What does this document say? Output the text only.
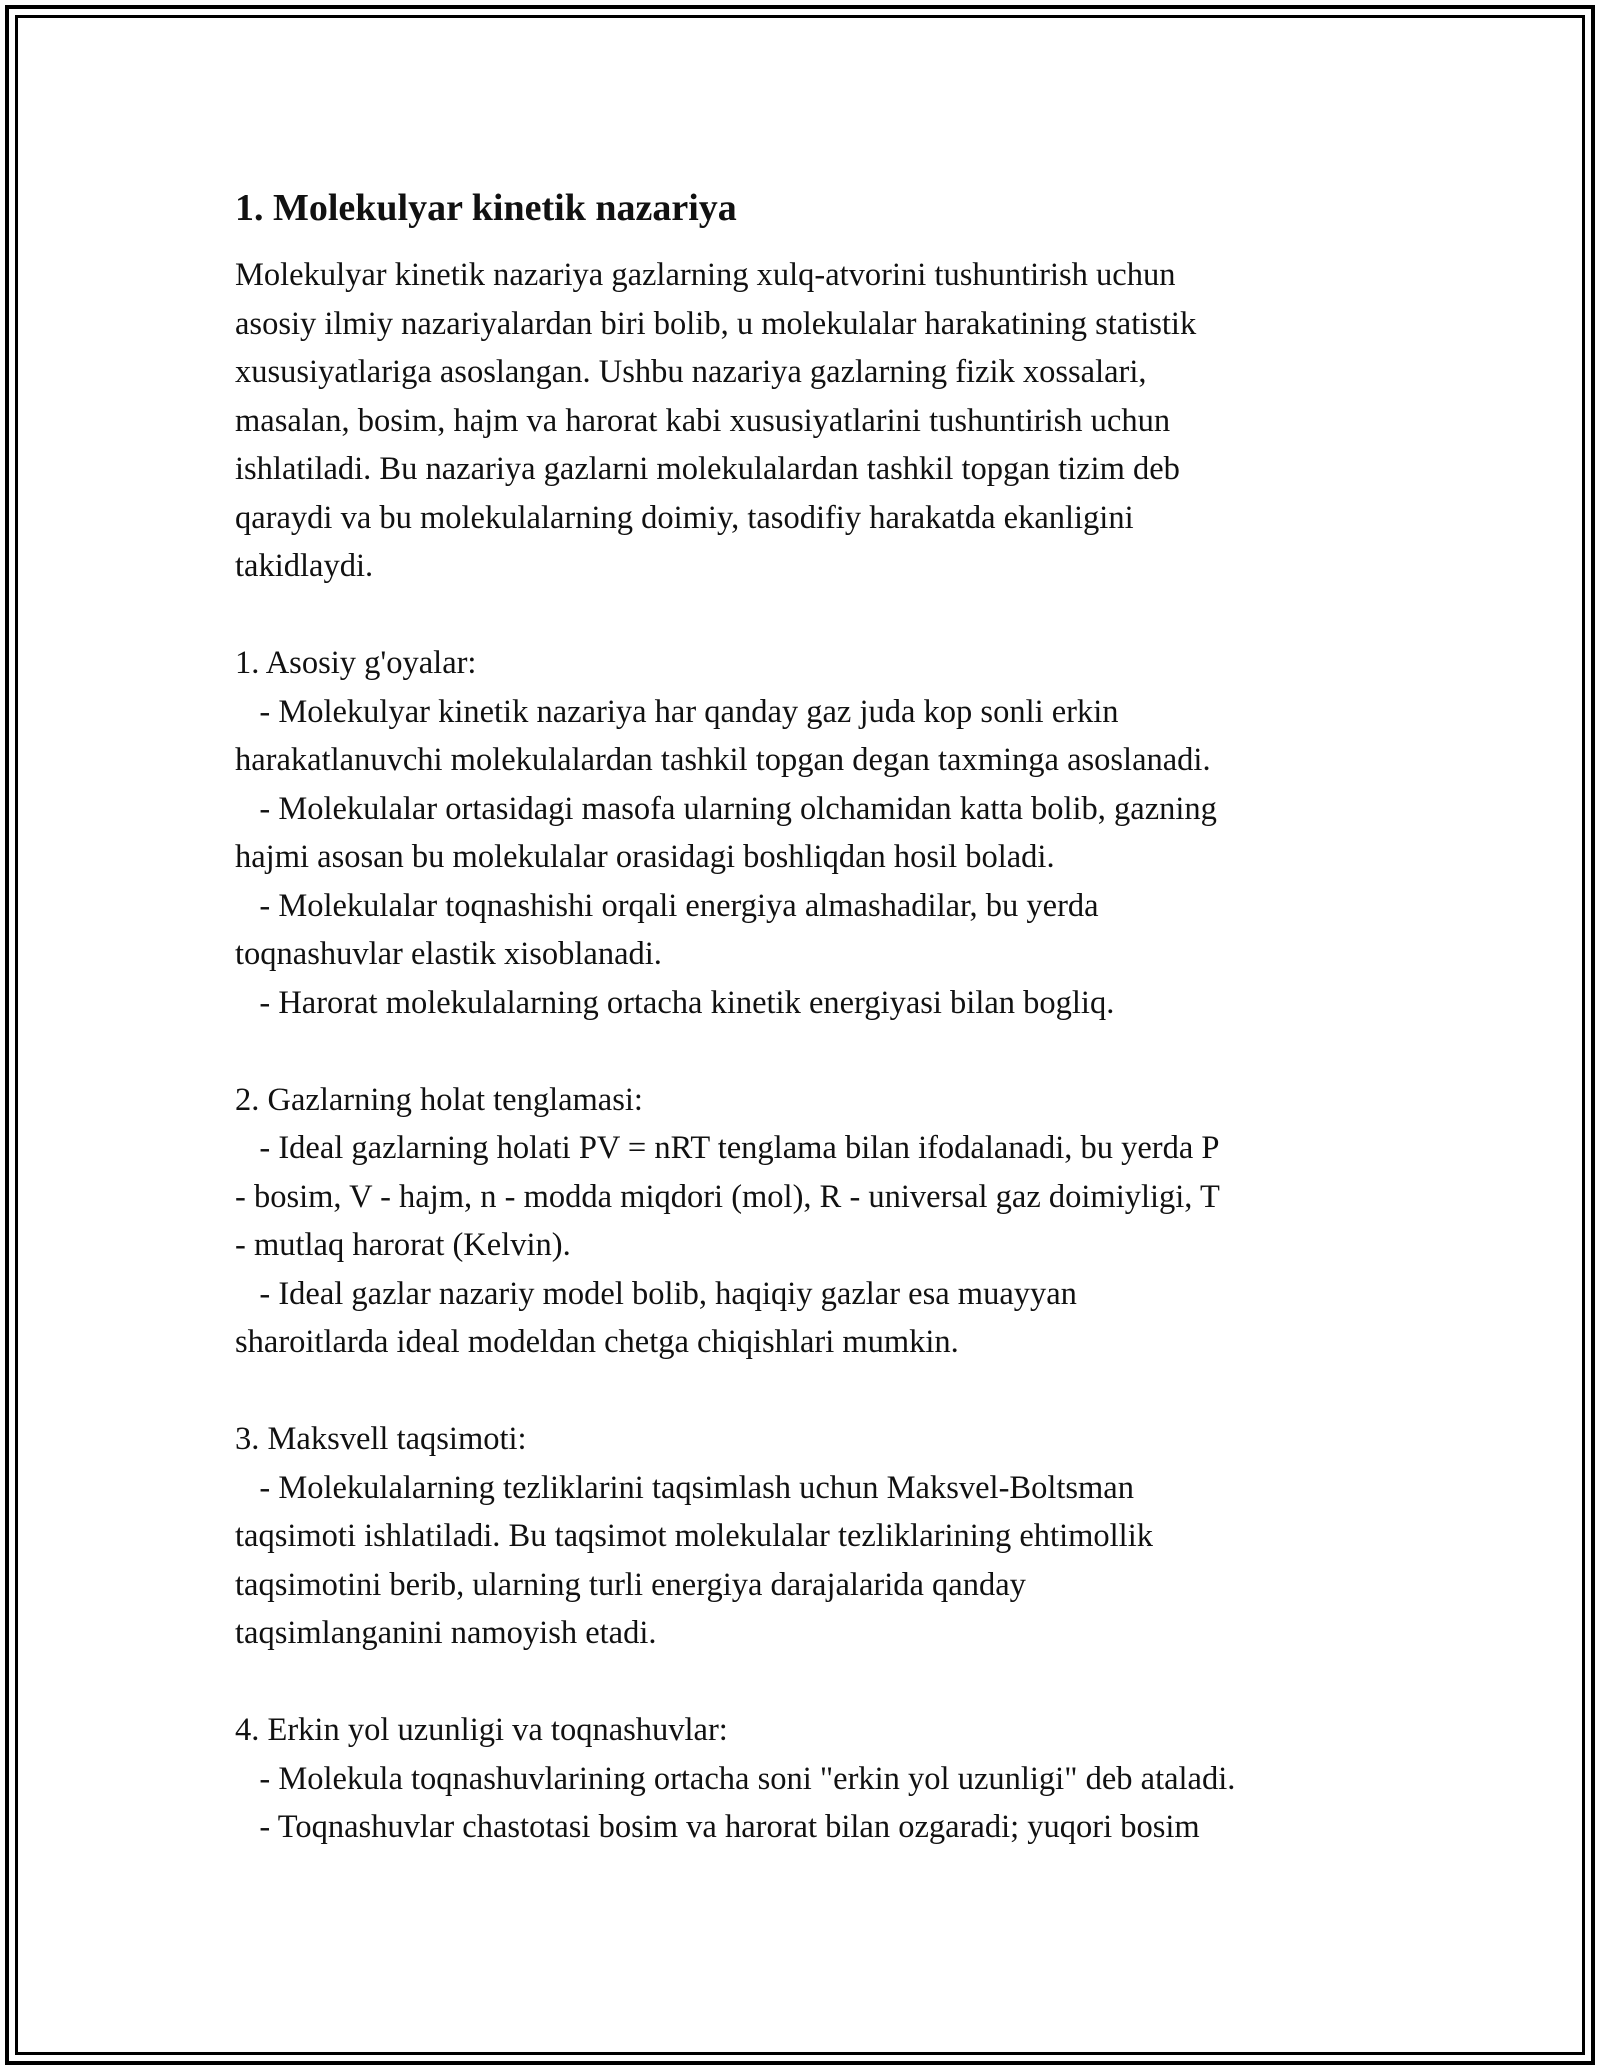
1. Molekulyar kinetik nazariya
Molekulyar kinetik nazariya gazlarning xulq-atvorini tushuntirish uchun
asosiy ilmiy nazariyalardan biri bolib, u molekulalar harakatining statistik
xususiyatlariga asoslangan. Ushbu nazariya gazlarning fizik xossalari,
masalan, bosim, hajm va harorat kabi xususiyatlarini tushuntirish uchun
ishlatiladi. Bu nazariya gazlarni molekulalardan tashkil topgan tizim deb
qaraydi va bu molekulalarning doimiy, tasodifiy harakatda ekanligini
takidlaydi.
1. Asosiy g'oyalar:
- Molekulyar kinetik nazariya har qanday gaz juda kop sonli erkin
harakatlanuvchi molekulalardan tashkil topgan degan taxminga asoslanadi.
- Molekulalar ortasidagi masofa ularning olchamidan katta bolib, gazning
hajmi asosan bu molekulalar orasidagi boshliqdan hosil boladi.
- Molekulalar toqnashishi orqali energiya almashadilar, bu yerda
toqnashuvlar elastik xisoblanadi.
- Harorat molekulalarning ortacha kinetik energiyasi bilan bogliq.
2. Gazlarning holat tenglamasi:
- Ideal gazlarning holati PV = nRT tenglama bilan ifodalanadi, bu yerda P
- bosim, V - hajm, n - modda miqdori (mol), R - universal gaz doimiyligi, T
- mutlaq harorat (Kelvin).
- Ideal gazlar nazariy model bolib, haqiqiy gazlar esa muayyan
sharoitlarda ideal modeldan chetga chiqishlari mumkin.
3. Maksvell taqsimoti:
- Molekulalarning tezliklarini taqsimlash uchun Maksvel-Boltsman
taqsimoti ishlatiladi. Bu taqsimot molekulalar tezliklarining ehtimollik
taqsimotini berib, ularning turli energiya darajalarida qanday
taqsimlanganini namoyish etadi.
4. Erkin yol uzunligi va toqnashuvlar:
- Molekula toqnashuvlarining ortacha soni "erkin yol uzunligi" deb ataladi.
- Toqnashuvlar chastotasi bosim va harorat bilan ozgaradi; yuqori bosim
